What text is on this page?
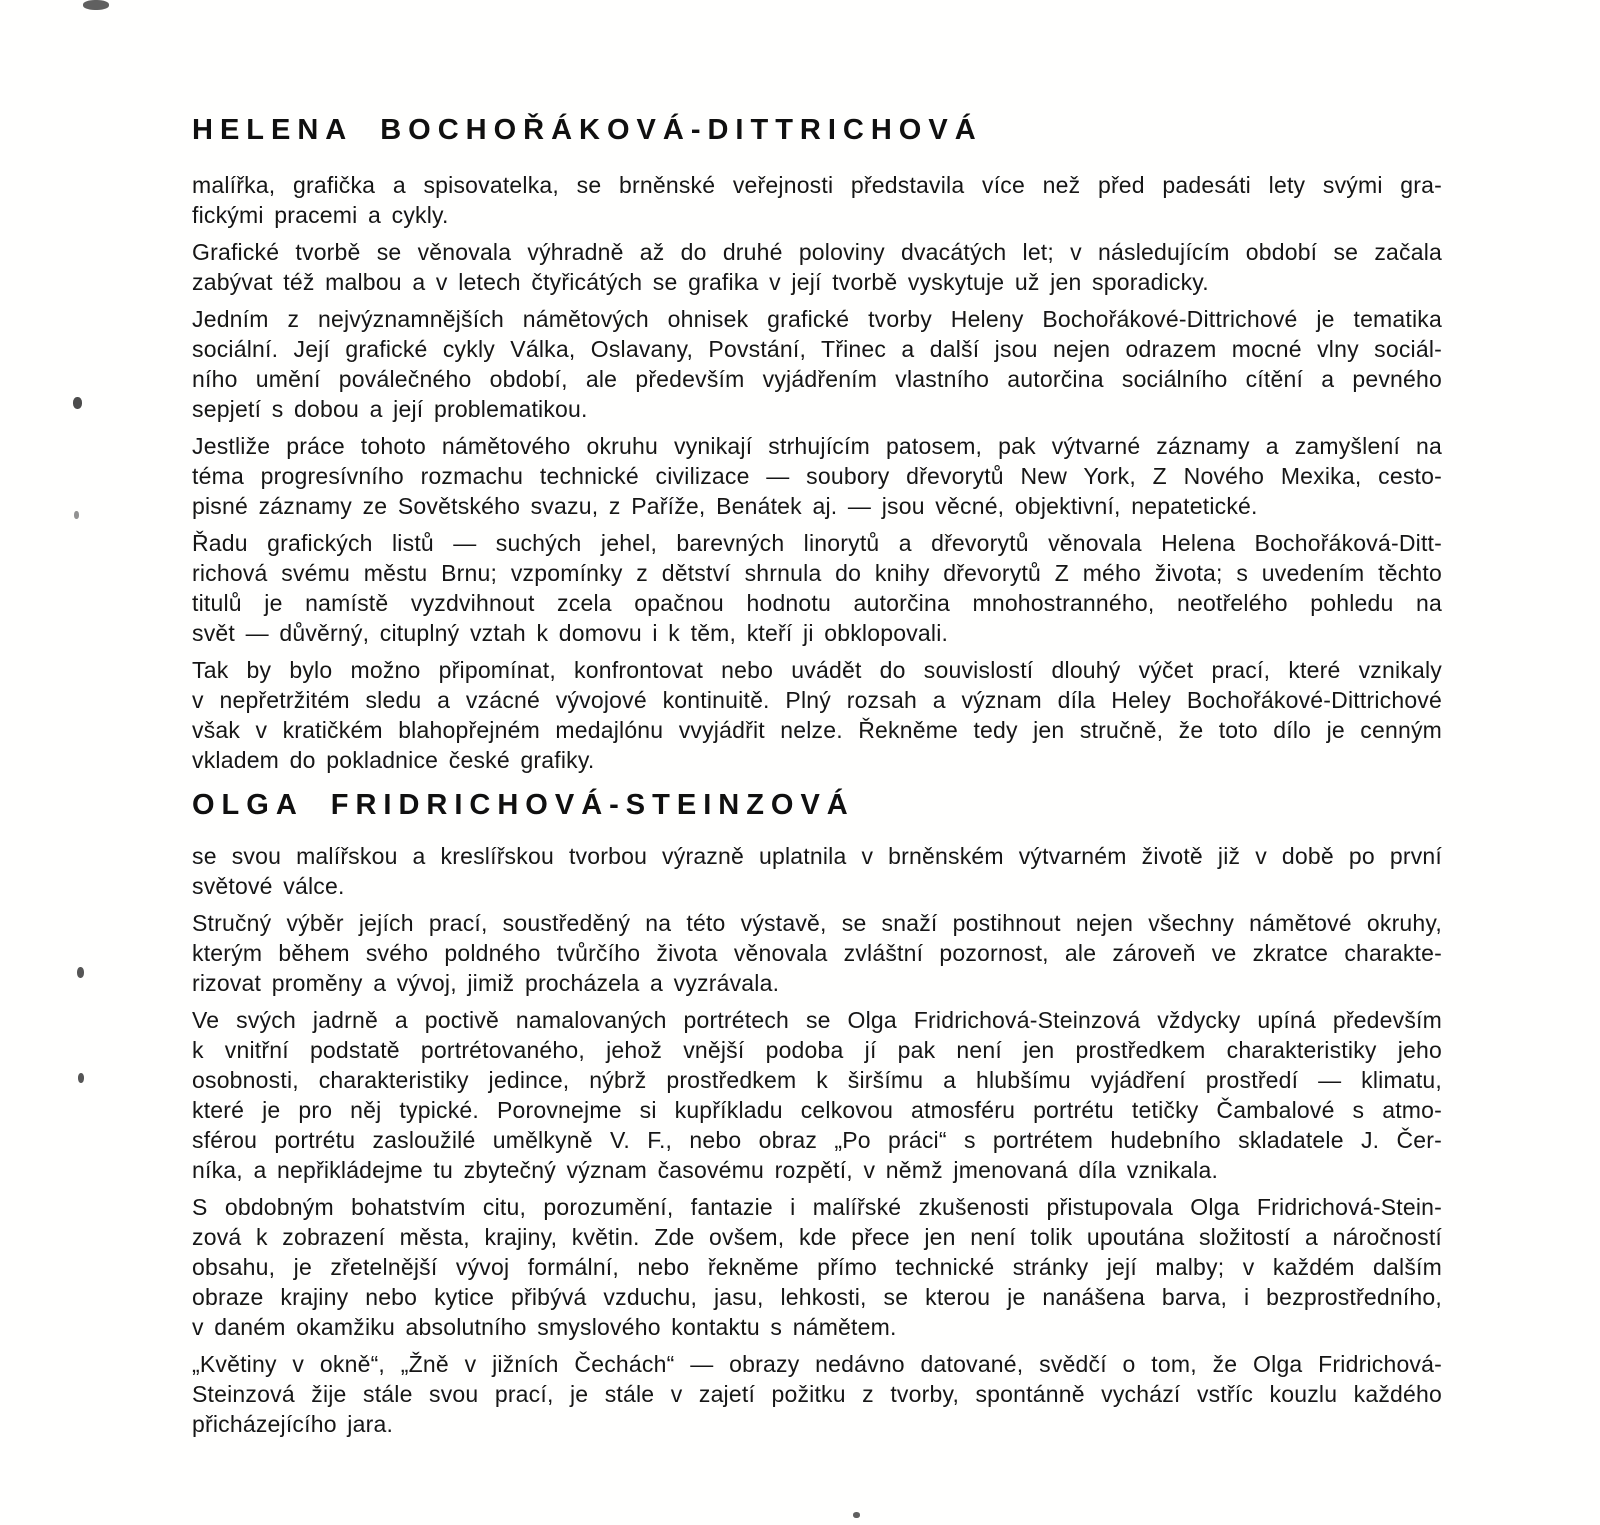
HELENA BOCHOŘÁKOVÁ-DITTRICHOVÁ
malířka, grafička a spisovatelka, se brněnské veřejnosti představila více než před padesáti lety svými gra-
fickými pracemi a cykly.
Grafické tvorbě se věnovala výhradně až do druhé poloviny dvacátých let; v následujícím období se začala
zabývat též malbou a v letech čtyřicátých se grafika v její tvorbě vyskytuje už jen sporadicky.
Jedním z nejvýznamnějších námětových ohnisek grafické tvorby Heleny Bochořákové-Dittrichové je tematika
sociální. Její grafické cykly Válka, Oslavany, Povstání, Třinec a další jsou nejen odrazem mocné vlny sociál-
ního umění poválečného období, ale především vyjádřením vlastního autorčina sociálního cítění a pevného
sepjetí s dobou a její problematikou.
Jestliže práce tohoto námětového okruhu vynikají strhujícím patosem, pak výtvarné záznamy a zamyšlení na
téma progresívního rozmachu technické civilizace — soubory dřevorytů New York, Z Nového Mexika, cesto-
pisné záznamy ze Sovětského svazu, z Paříže, Benátek aj. — jsou věcné, objektivní, nepatetické.
Řadu grafických listů — suchých jehel, barevných linorytů a dřevorytů věnovala Helena Bochořáková-Ditt-
richová svému městu Brnu; vzpomínky z dětství shrnula do knihy dřevorytů Z mého života; s uvedením těchto
titulů je namístě vyzdvihnout zcela opačnou hodnotu autorčina mnohostranného, neotřelého pohledu na
svět — důvěrný, cituplný vztah k domovu i k těm, kteří ji obklopovali.
Tak by bylo možno připomínat, konfrontovat nebo uvádět do souvislostí dlouhý výčet prací, které vznikaly
v nepřetržitém sledu a vzácné vývojové kontinuitě. Plný rozsah a význam díla Heley Bochořákové-Dittrichové
však v kratičkém blahopřejném medajlónu vvyjádřit nelze. Řekněme tedy jen stručně, že toto dílo je cenným
vkladem do pokladnice české grafiky.
OLGA FRIDRICHOVÁ-STEINZOVÁ
se svou malířskou a kreslířskou tvorbou výrazně uplatnila v brněnském výtvarném životě již v době po první
světové válce.
Stručný výběr jejích prací, soustředěný na této výstavě, se snaží postihnout nejen všechny námětové okruhy,
kterým během svého poldného tvůrčího života věnovala zvláštní pozornost, ale zároveň ve zkratce charakte-
rizovat proměny a vývoj, jimiž procházela a vyzrávala.
Ve svých jadrně a poctivě namalovaných portrétech se Olga Fridrichová-Steinzová vždycky upíná především
k vnitřní podstatě portrétovaného, jehož vnější podoba jí pak není jen prostředkem charakteristiky jeho
osobnosti, charakteristiky jedince, nýbrž prostředkem k širšímu a hlubšímu vyjádření prostředí — klimatu,
které je pro něj typické. Porovnejme si kupříkladu celkovou atmosféru portrétu tetičky Čambalové s atmo-
sférou portrétu zasloužilé umělkyně V. F., nebo obraz „Po práci“ s portrétem hudebního skladatele J. Čer-
níka, a nepřikládejme tu zbytečný význam časovému rozpětí, v němž jmenovaná díla vznikala.
S obdobným bohatstvím citu, porozumění, fantazie i malířské zkušenosti přistupovala Olga Fridrichová-Stein-
zová k zobrazení města, krajiny, květin. Zde ovšem, kde přece jen není tolik upoutána složitostí a náročností
obsahu, je zřetelnější vývoj formální, nebo řekněme přímo technické stránky její malby; v každém dalším
obraze krajiny nebo kytice přibývá vzduchu, jasu, lehkosti, se kterou je nanášena barva, i bezprostředního,
v daném okamžiku absolutního smyslového kontaktu s námětem.
„Květiny v okně“, „Žně v jižních Čechách“ — obrazy nedávno datované, svědčí o tom, že Olga Fridrichová-
Steinzová žije stále svou prací, je stále v zajetí požitku z tvorby, spontánně vychází vstříc kouzlu každého
přicházejícího jara.
